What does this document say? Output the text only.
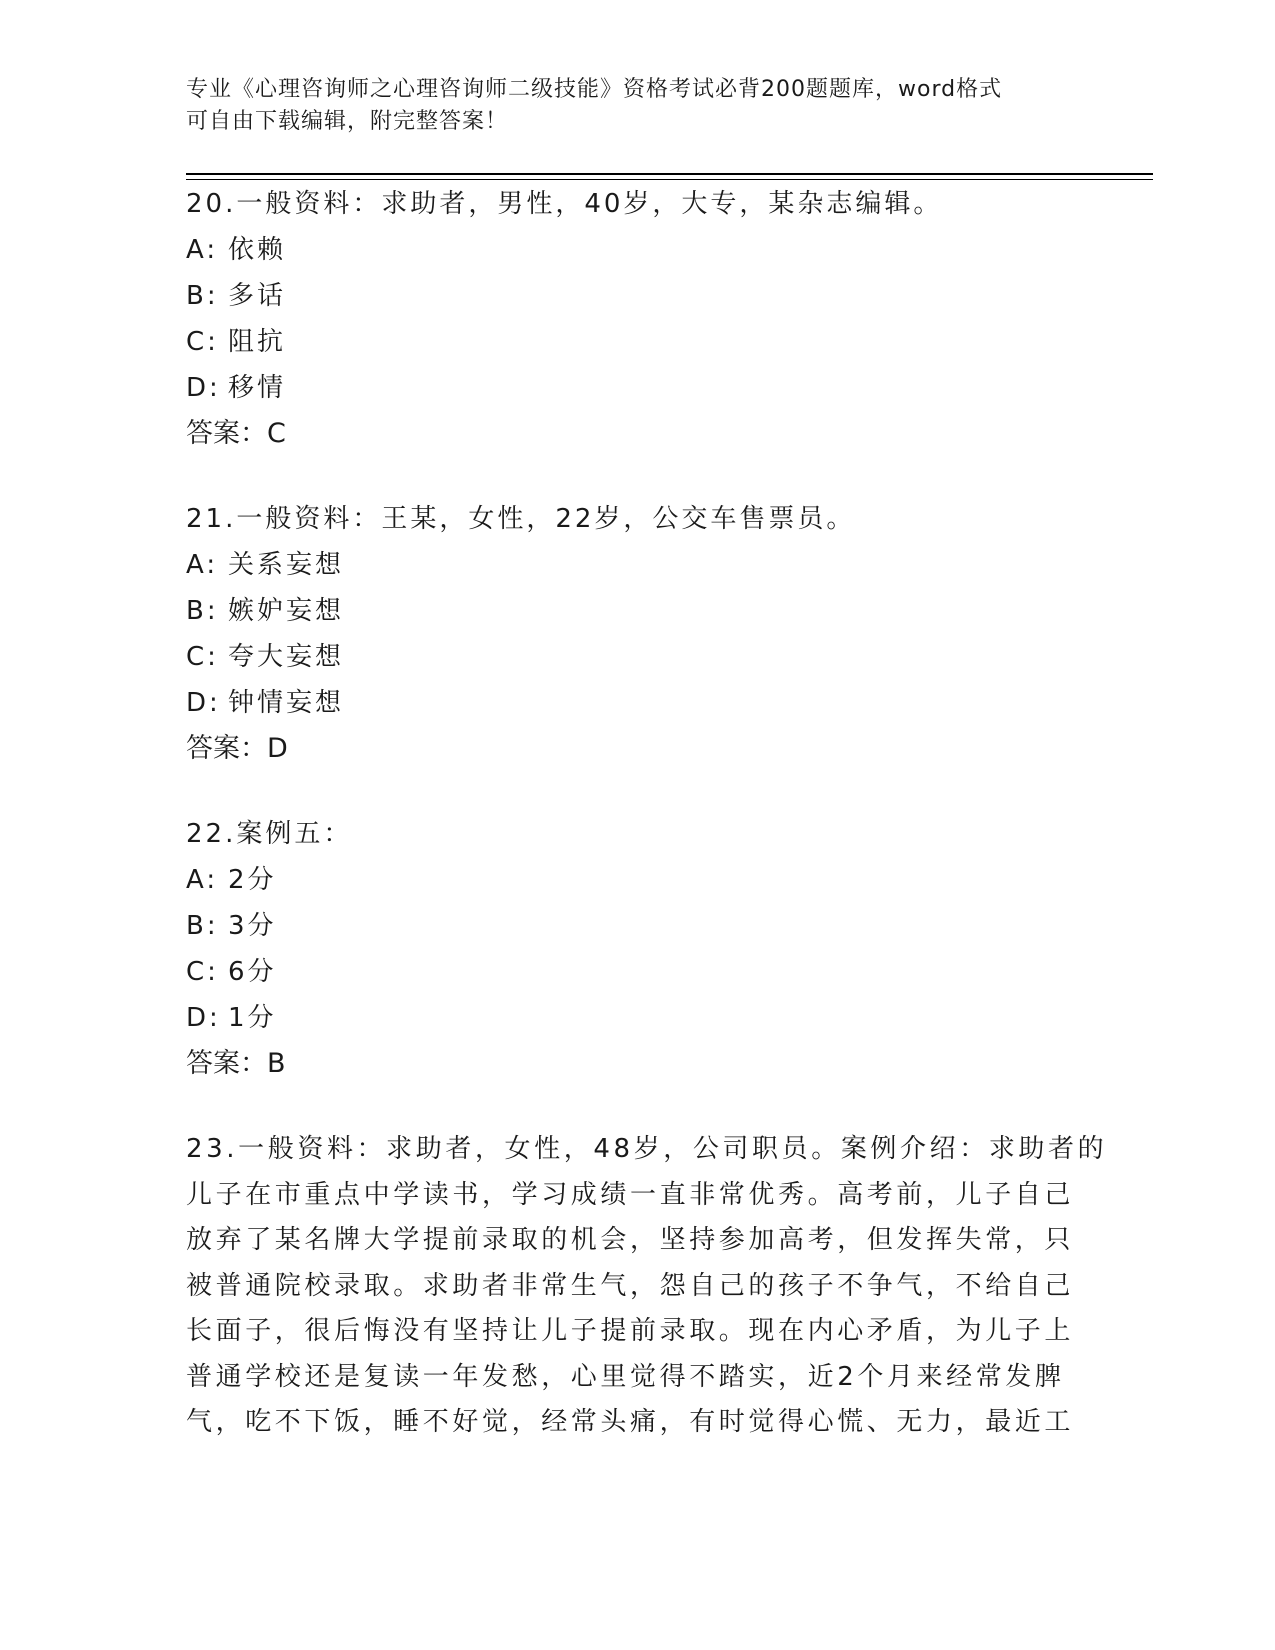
专业《心理咨询师之心理咨询师二级技能》资格考试必背200题题库，word格式
可自由下载编辑，附完整答案！
20.一般资料：求助者，男性，40岁，大专，某杂志编辑。
A: 依赖
B: 多话
C: 阻抗
D: 移情
答案：C
21.一般资料：王某，女性，22岁，公交车售票员。
A: 关系妄想
B: 嫉妒妄想
C: 夸大妄想
D: 钟情妄想
答案：D
22.案例五：
A: 2分
B: 3分
C: 6分
D: 1分
答案：B
23.一般资料：求助者，女性，48岁，公司职员。案例介绍：求助者的
儿子在市重点中学读书，学习成绩一直非常优秀。高考前，儿子自己
放弃了某名牌大学提前录取的机会，坚持参加高考，但发挥失常，只
被普通院校录取。求助者非常生气，怨自己的孩子不争气，不给自己
长面子，很后悔没有坚持让儿子提前录取。现在内心矛盾，为儿子上
普通学校还是复读一年发愁，心里觉得不踏实，近2个月来经常发脾
气，吃不下饭，睡不好觉，经常头痛，有时觉得心慌、无力，最近工
